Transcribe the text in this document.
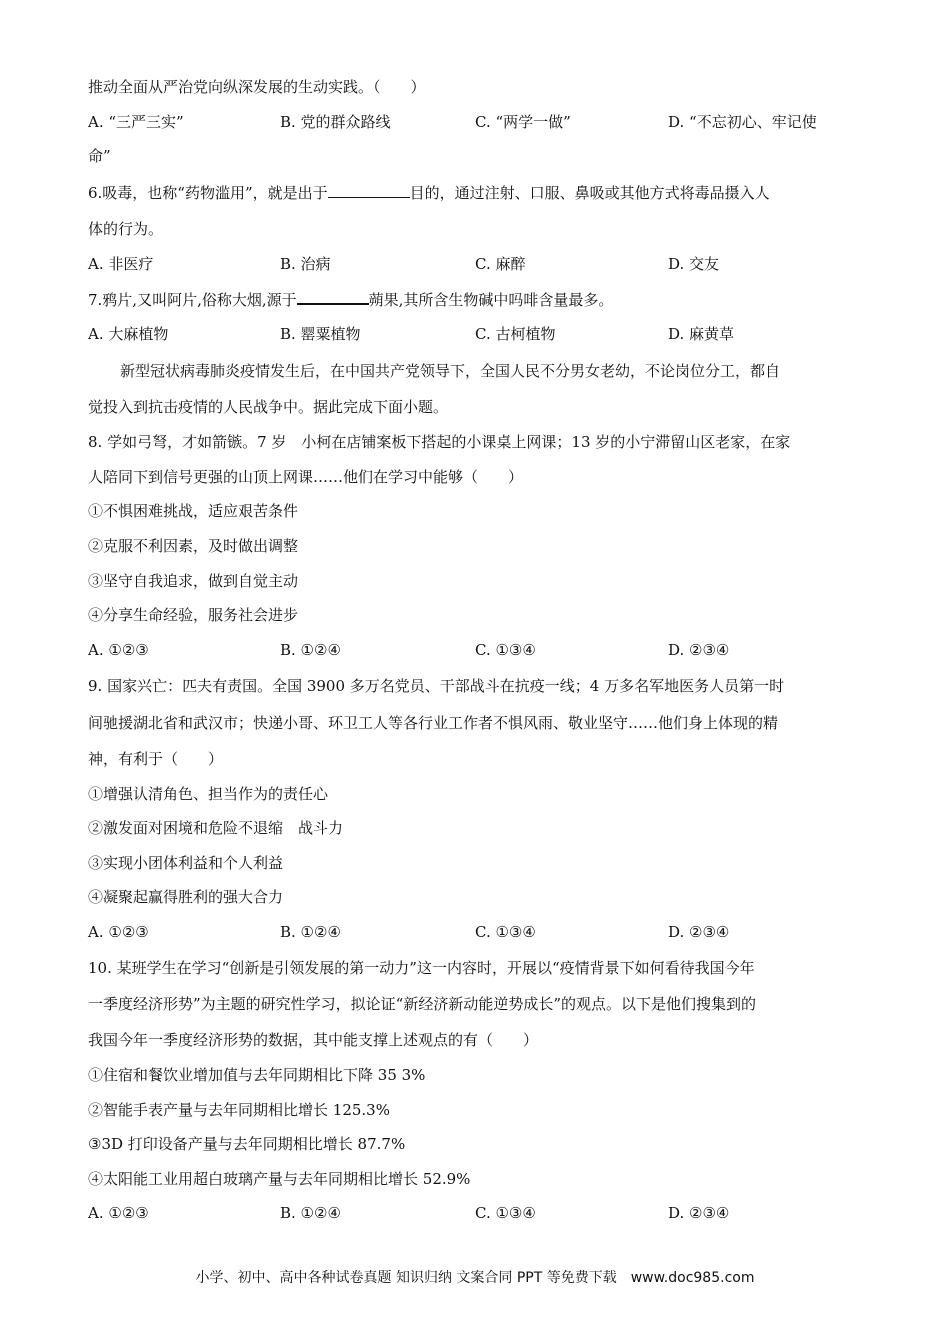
推动全面从严治党向纵深发展的生动实践。（　　）
A. “三严三实”	B. 党的群众路线	C. “两学一做”	D. “不忘初心、牢记使
命”
6.吸毒，也称“药物滥用”，就是出于	目的，通过注射、口服、鼻吸或其他方式将毒品摄入人
体的行为。
A. 非医疗	B. 治病	C. 麻醉	D. 交友
7.鸦片,又叫阿片,俗称大烟,源于	蒴果,其所含生物碱中吗啡含量最多。
A. 大麻植物	B. 罂粟植物	C. 古柯植物	D. 麻黄草
新型冠状病毒肺炎疫情发生后，在中国共产党领导下，全国人民不分男女老幼，不论岗位分工，都自
觉投入到抗击疫情的人民战争中。据此完成下面小题。
8. 学如弓弩，才如箭镞。7 岁　小柯在店铺案板下搭起的小课桌上网课；13 岁的小宁滞留山区老家，在家
人陪同下到信号更强的山顶上网课……他们在学习中能够（　　）
①不惧困难挑战，适应艰苦条件
②克服不利因素，及时做出调整
③坚守自我追求，做到自觉主动
④分享生命经验，服务社会进步
A. ①②③	B. ①②④	C. ①③④	D. ②③④
9. 国家兴亡：匹夫有责国。全国 3900 多万名党员、干部战斗在抗疫一线；4 万多名军地医务人员第一时
间驰援湖北省和武汉市；快递小哥、环卫工人等各行业工作者不惧风雨、敬业坚守……他们身上体现的精
神，有利于（　　）
①增强认清角色、担当作为的责任心
②激发面对困境和危险不退缩　战斗力
③实现小团体利益和个人利益
④凝聚起赢得胜利的强大合力
A. ①②③	B. ①②④	C. ①③④	D. ②③④
10. 某班学生在学习“创新是引领发展的第一动力”这一内容时，开展以“疫情背景下如何看待我国今年
一季度经济形势”为主题的研究性学习，拟论证“新经济新动能逆势成长”的观点。以下是他们搜集到的
我国今年一季度经济形势的数据，其中能支撑上述观点的有（　　）
①住宿和餐饮业增加值与去年同期相比下降 35 3%
②智能手表产量与去年同期相比增长 125.3%
③3D 打印设备产量与去年同期相比增长 87.7%
④太阳能工业用超白玻璃产量与去年同期相比增长 52.9%
A. ①②③	B. ①②④	C. ①③④	D. ②③④
小学、初中、高中各种试卷真题 知识归纳 文案合同 PPT 等免费下载　www.doc985.com
